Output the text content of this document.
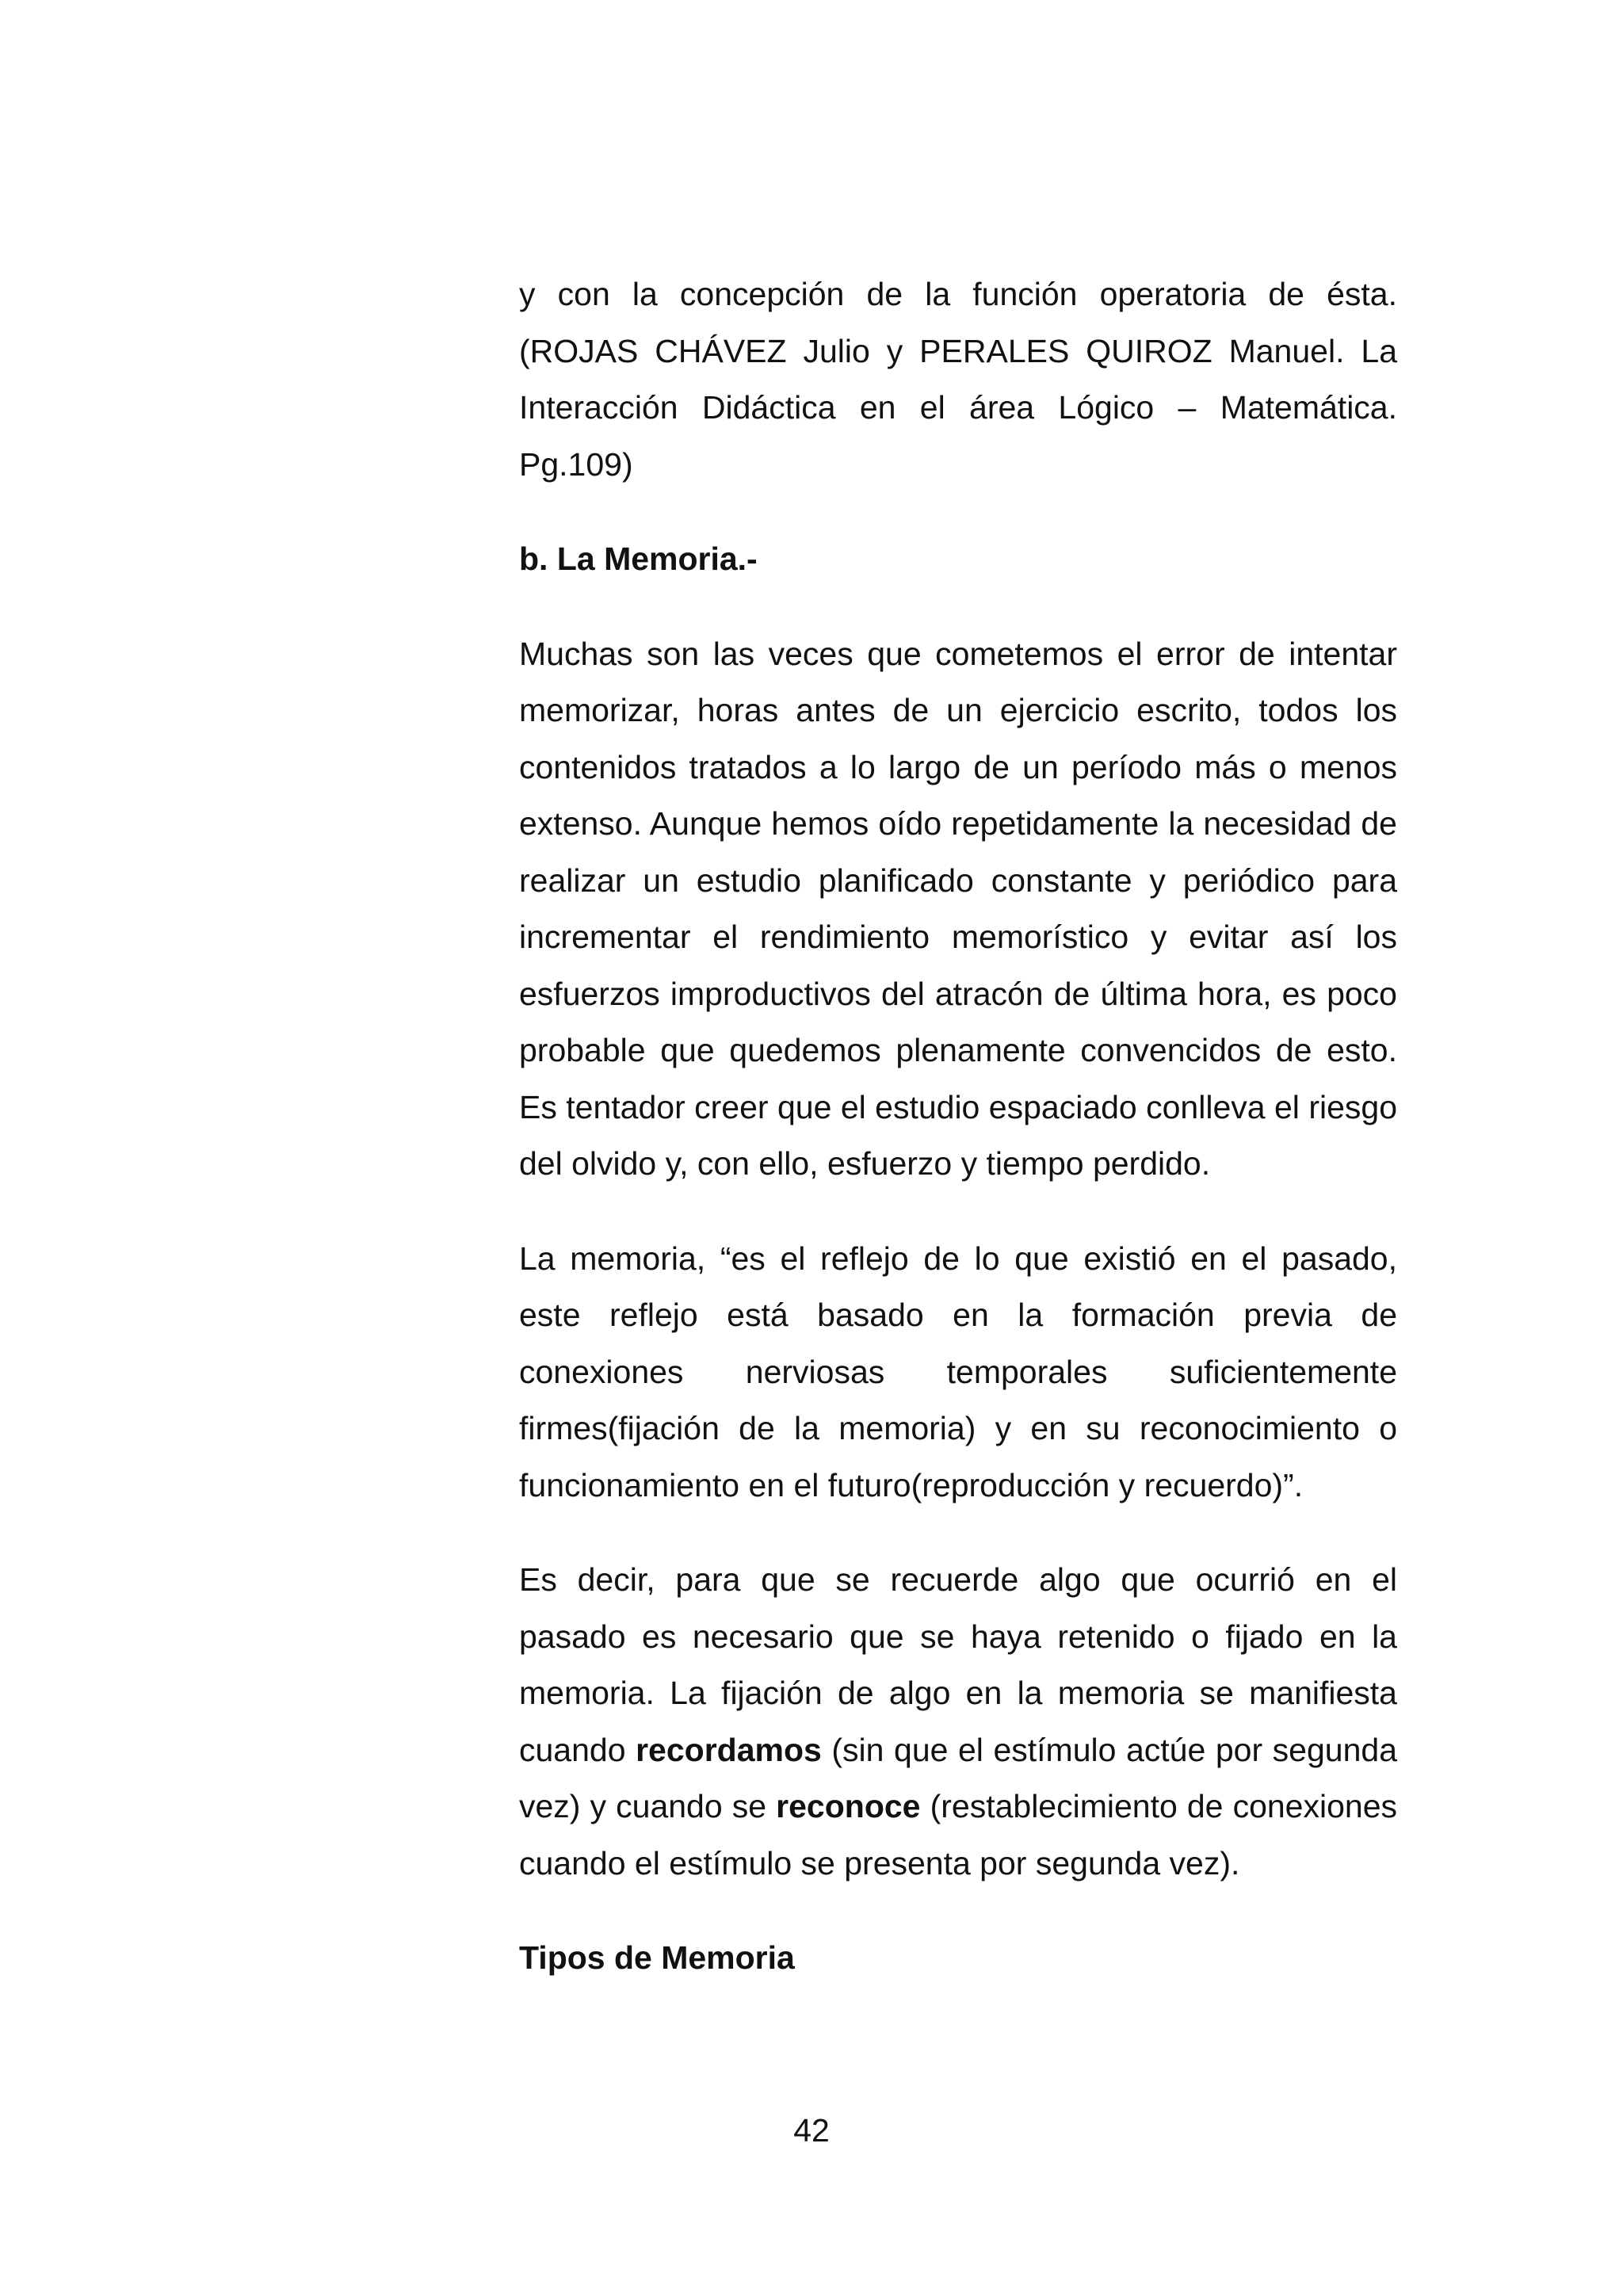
y con la concepción de la función operatoria de ésta. (ROJAS CHÁVEZ Julio y PERALES QUIROZ Manuel. La Interacción Didáctica en el área Lógico – Matemática. Pg.109)

b. La Memoria.-

Muchas son las veces que cometemos el error de intentar memorizar, horas antes de un ejercicio escrito, todos los contenidos tratados a lo largo de un período más o menos extenso. Aunque hemos oído repetidamente la necesidad de realizar un estudio planificado constante y periódico para incrementar el rendimiento memorístico y evitar así los esfuerzos improductivos del atracón de última hora, es poco probable que quedemos plenamente convencidos de esto. Es tentador creer que el estudio espaciado conlleva el riesgo del olvido y, con ello, esfuerzo y tiempo perdido.

La memoria, “es el reflejo de lo que existió en el pasado, este reflejo está basado en la formación previa de conexiones nerviosas temporales suficientemente firmes(fijación de la memoria) y en su reconocimiento o funcionamiento en el futuro(reproducción y recuerdo)”.

Es decir, para que se recuerde algo que ocurrió en el pasado es necesario que se haya retenido o fijado en la memoria. La fijación de algo en la memoria se manifiesta cuando recordamos (sin que el estímulo actúe por segunda vez) y cuando se reconoce (restablecimiento de conexiones cuando el estímulo se presenta por segunda vez).

Tipos de Memoria

42
